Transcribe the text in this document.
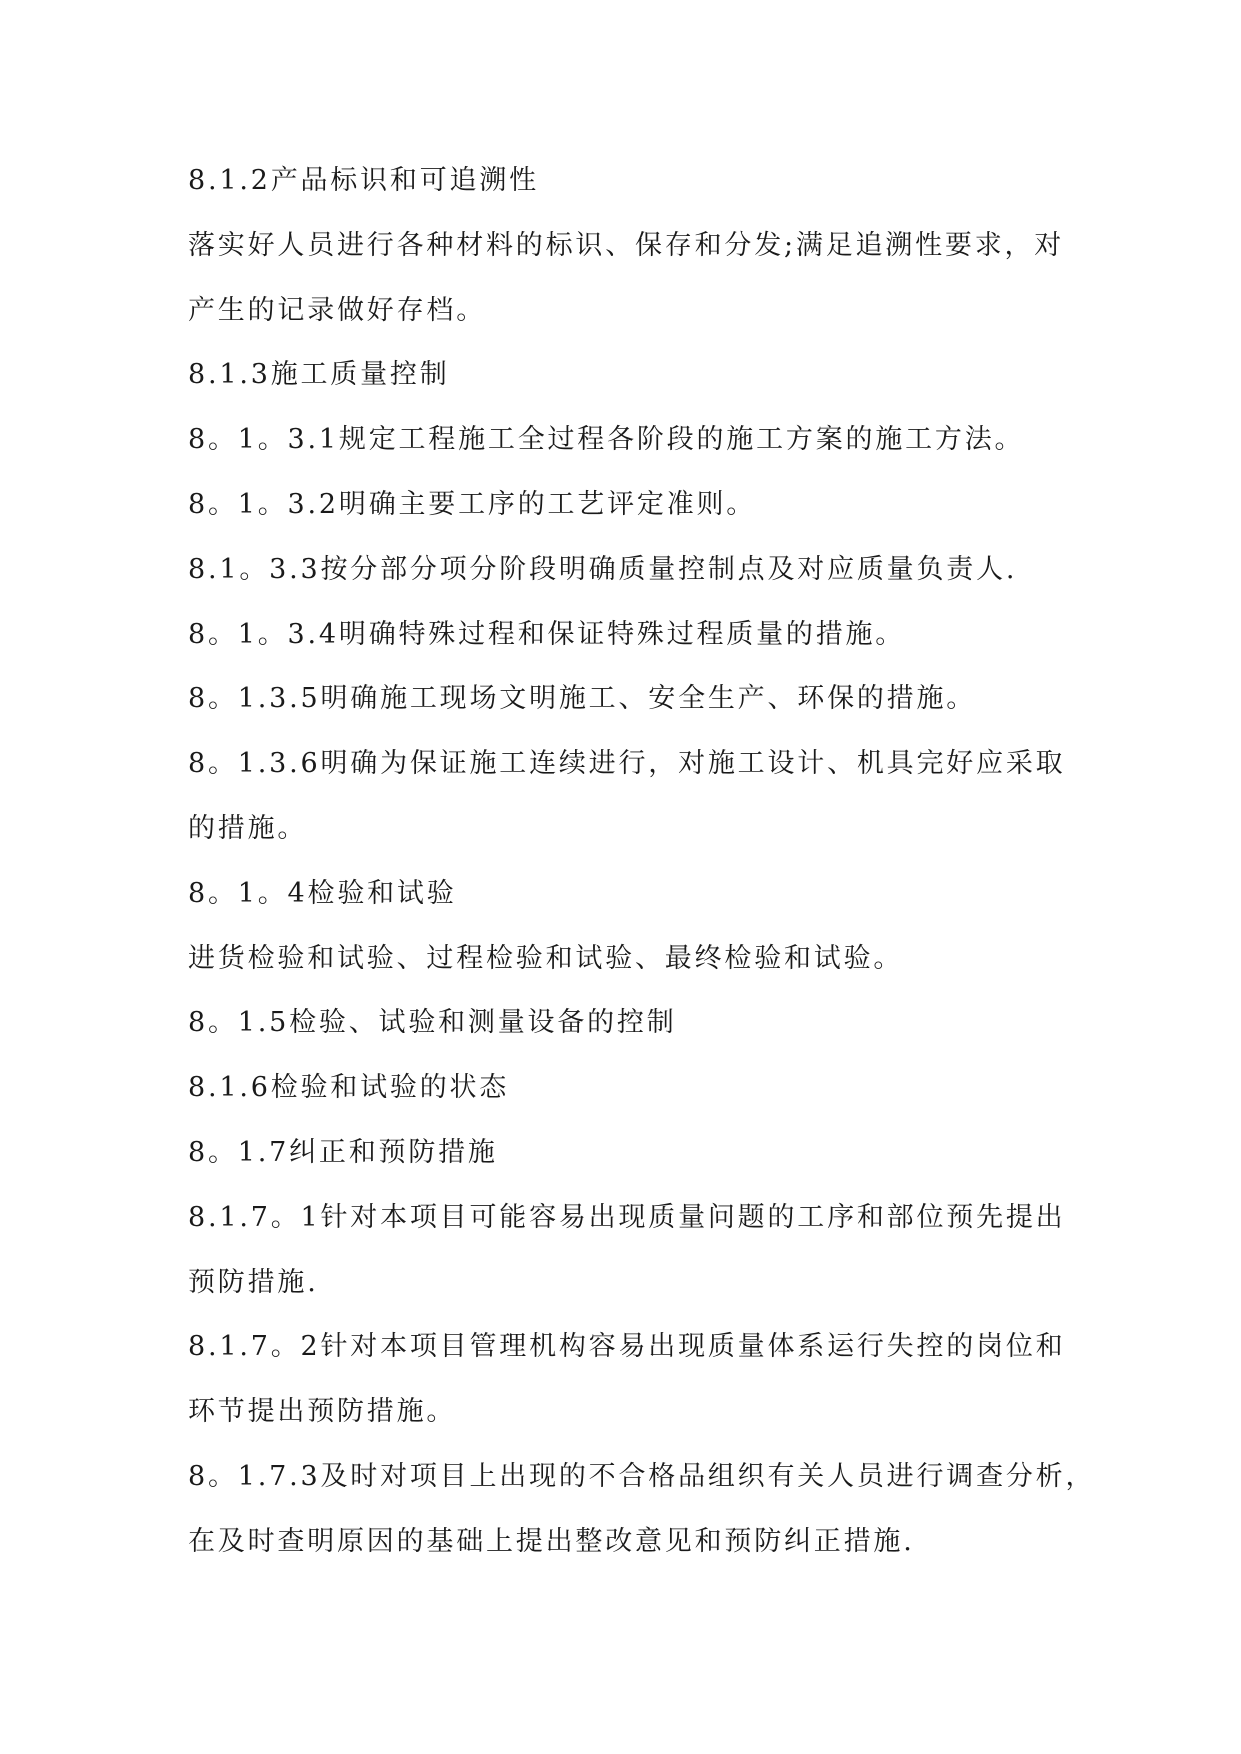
8.1.2产品标识和可追溯性
落实好人员进行各种材料的标识、保存和分发;满足追溯性要求，对
产生的记录做好存档。
8.1.3施工质量控制
8。1。3.1规定工程施工全过程各阶段的施工方案的施工方法。
8。1。3.2明确主要工序的工艺评定准则。
8.1。3.3按分部分项分阶段明确质量控制点及对应质量负责人.
8。1。3.4明确特殊过程和保证特殊过程质量的措施。
8。1.3.5明确施工现场文明施工、安全生产、环保的措施。
8。1.3.6明确为保证施工连续进行，对施工设计、机具完好应采取
的措施。
8。1。4检验和试验
进货检验和试验、过程检验和试验、最终检验和试验。
8。1.5检验、试验和测量设备的控制
8.1.6检验和试验的状态
8。1.7纠正和预防措施
8.1.7。1针对本项目可能容易出现质量问题的工序和部位预先提出
预防措施.
8.1.7。2针对本项目管理机构容易出现质量体系运行失控的岗位和
环节提出预防措施。
8。1.7.3及时对项目上出现的不合格品组织有关人员进行调查分析，
在及时查明原因的基础上提出整改意见和预防纠正措施.
